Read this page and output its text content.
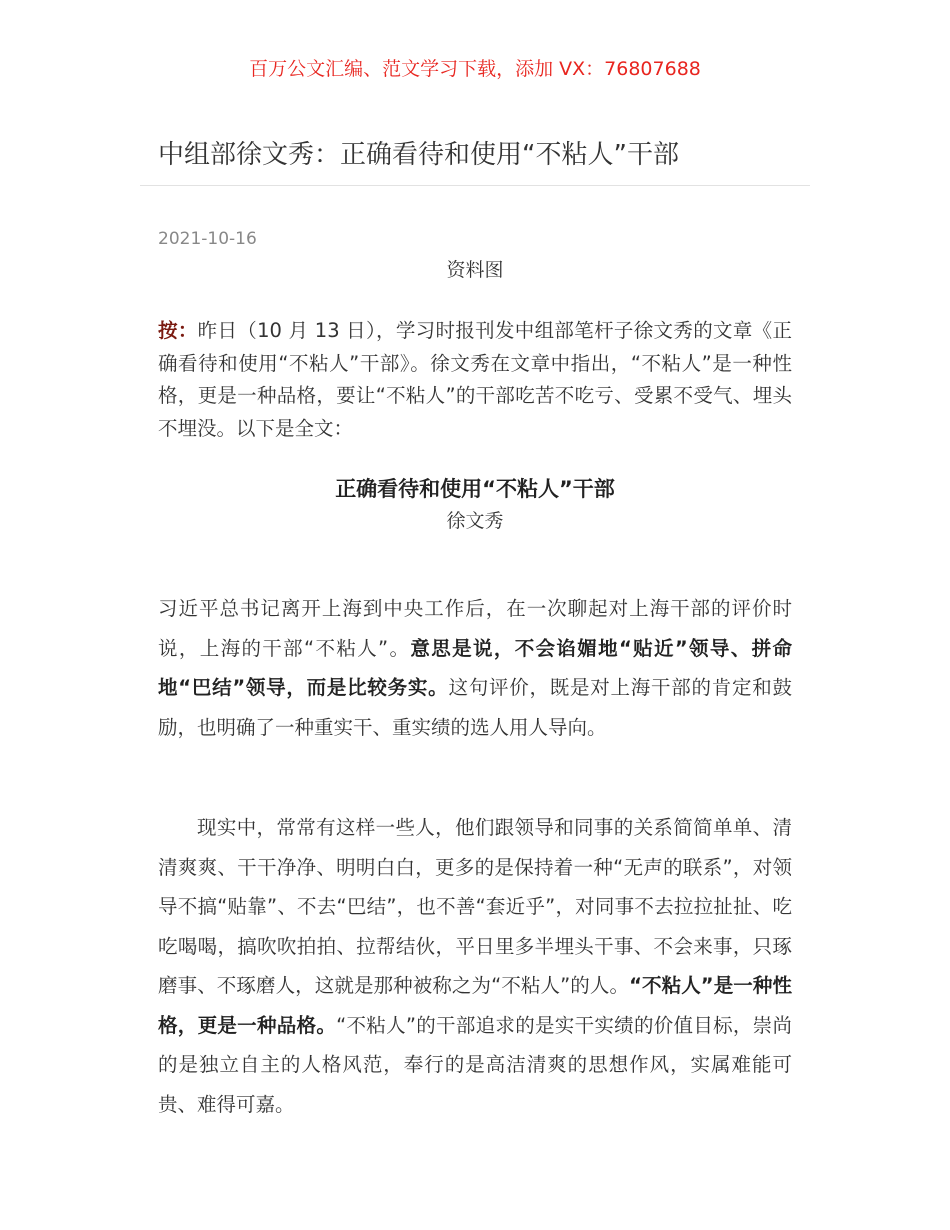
百万公文汇编、范文学习下载，添加 VX：76807688
中组部徐文秀：正确看待和使用“不粘人”干部
2021-10-16
资料图
按：昨日（10 月 13 日），学习时报刊发中组部笔杆子徐文秀的文章《正确看待和使用“不粘人”干部》。徐文秀在文章中指出，“不粘人”是一种性格，更是一种品格，要让“不粘人”的干部吃苦不吃亏、受累不受气、埋头不埋没。以下是全文：
正确看待和使用“不粘人”干部
徐文秀
习近平总书记离开上海到中央工作后，在一次聊起对上海干部的评价时说，上海的干部“不粘人”。意思是说，不会谄媚地“贴近”领导、拼命地“巴结”领导，而是比较务实。这句评价，既是对上海干部的肯定和鼓励，也明确了一种重实干、重实绩的选人用人导向。
现实中，常常有这样一些人，他们跟领导和同事的关系简简单单、清清爽爽、干干净净、明明白白，更多的是保持着一种“无声的联系”，对领导不搞“贴靠”、不去“巴结”，也不善“套近乎”，对同事不去拉拉扯扯、吃吃喝喝，搞吹吹拍拍、拉帮结伙，平日里多半埋头干事、不会来事，只琢磨事、不琢磨人，这就是那种被称之为“不粘人”的人。“不粘人”是一种性格，更是一种品格。“不粘人”的干部追求的是实干实绩的价值目标，崇尚的是独立自主的人格风范，奉行的是高洁清爽的思想作风，实属难能可贵、难得可嘉。
